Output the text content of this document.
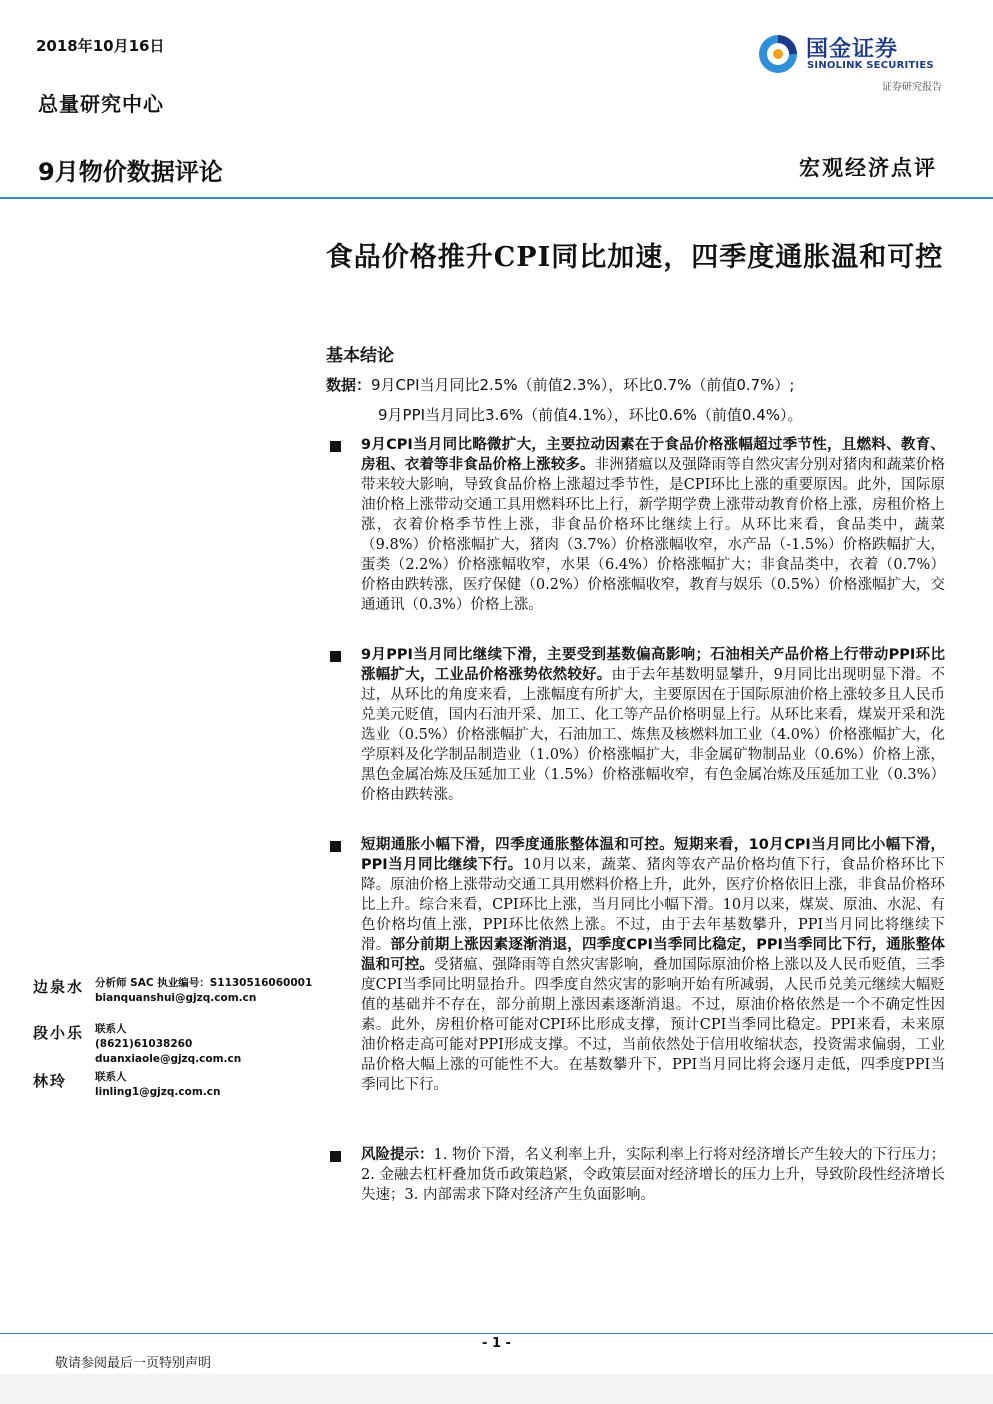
2018年10月16日
总量研究中心
9月物价数据评论	宏观经济点评
国金证券
SINOLINK SECURITIES
证券研究报告
食品价格推升CPI同比加速，四季度通胀温和可控
基本结论
数据：9月CPI当月同比2.5%（前值2.3%），环比0.7%（前值0.7%）;
9月PPI当月同比3.6%（前值4.1%），环比0.6%（前值0.4%）。
9月CPI当月同比略微扩大，主要拉动因素在于食品价格涨幅超过季节性，且燃料、教育、房租、衣着等非食品价格上涨较多。非洲猪瘟以及强降雨等自然灾害分别对猪肉和蔬菜价格带来较大影响，导致食品价格上涨超过季节性，是CPI环比上涨的重要原因。此外，国际原油价格上涨带动交通工具用燃料环比上行，新学期学费上涨带动教育价格上涨，房租价格上涨，衣着价格季节性上涨，非食品价格环比继续上行。从环比来看，食品类中，蔬菜（9.8%）价格涨幅扩大，猪肉（3.7%）价格涨幅收窄，水产品（-1.5%）价格跌幅扩大，蛋类（2.2%）价格涨幅收窄，水果（6.4%）价格涨幅扩大；非食品类中，衣着（0.7%）价格由跌转涨，医疗保健（0.2%）价格涨幅收窄，教育与娱乐（0.5%）价格涨幅扩大，交通通讯（0.3%）价格上涨。
9月PPI当月同比继续下滑，主要受到基数偏高影响；石油相关产品价格上行带动PPI环比涨幅扩大，工业品价格涨势依然较好。由于去年基数明显攀升，9月同比出现明显下滑。不过，从环比的角度来看，上涨幅度有所扩大，主要原因在于国际原油价格上涨较多且人民币兑美元贬值，国内石油开采、加工、化工等产品价格明显上行。从环比来看，煤炭开采和洗选业（0.5%）价格涨幅扩大，石油加工、炼焦及核燃料加工业（4.0%）价格涨幅扩大，化学原料及化学制品制造业（1.0%）价格涨幅扩大，非金属矿物制品业（0.6%）价格上涨，黑色金属冶炼及压延加工业（1.5%）价格涨幅收窄，有色金属冶炼及压延加工业（0.3%）价格由跌转涨。
短期通胀小幅下滑，四季度通胀整体温和可控。短期来看，10月CPI当月同比小幅下滑，PPI当月同比继续下行。10月以来，蔬菜、猪肉等农产品价格均值下行，食品价格环比下降。原油价格上涨带动交通工具用燃料价格上升，此外，医疗价格依旧上涨，非食品价格环比上升。综合来看，CPI环比上涨，当月同比小幅下滑。10月以来，煤炭、原油、水泥、有色价格均值上涨，PPI环比依然上涨。不过，由于去年基数攀升，PPI当月同比将继续下滑。部分前期上涨因素逐渐消退，四季度CPI当季同比稳定，PPI当季同比下行，通胀整体温和可控。受猪瘟、强降雨等自然灾害影响，叠加国际原油价格上涨以及人民币贬值，三季度CPI当季同比明显抬升。四季度自然灾害的影响开始有所减弱，人民币兑美元继续大幅贬值的基础并不存在，部分前期上涨因素逐渐消退。不过，原油价格依然是一个不确定性因素。此外，房租价格可能对CPI环比形成支撑，预计CPI当季同比稳定。PPI来看，未来原油价格走高可能对PPI形成支撑。不过，当前依然处于信用收缩状态，投资需求偏弱，工业品价格大幅上涨的可能性不大。在基数攀升下，PPI当月同比将会逐月走低，四季度PPI当季同比下行。
风险提示：1. 物价下滑，名义利率上升，实际利率上行将对经济增长产生较大的下行压力；2. 金融去杠杆叠加货币政策趋紧，令政策层面对经济增长的压力上升，导致阶段性经济增长失速；3. 内部需求下降对经济产生负面影响。
边泉水 分析师 SAC 执业编号：S1130516060001
bianquanshui@gjzq.com.cn
段小乐 联系人
(8621)61038260
duanxiaole@gjzq.com.cn
林玲	联系人
linling1@gjzq.com.cn
- 1 -
敬请参阅最后一页特别声明
